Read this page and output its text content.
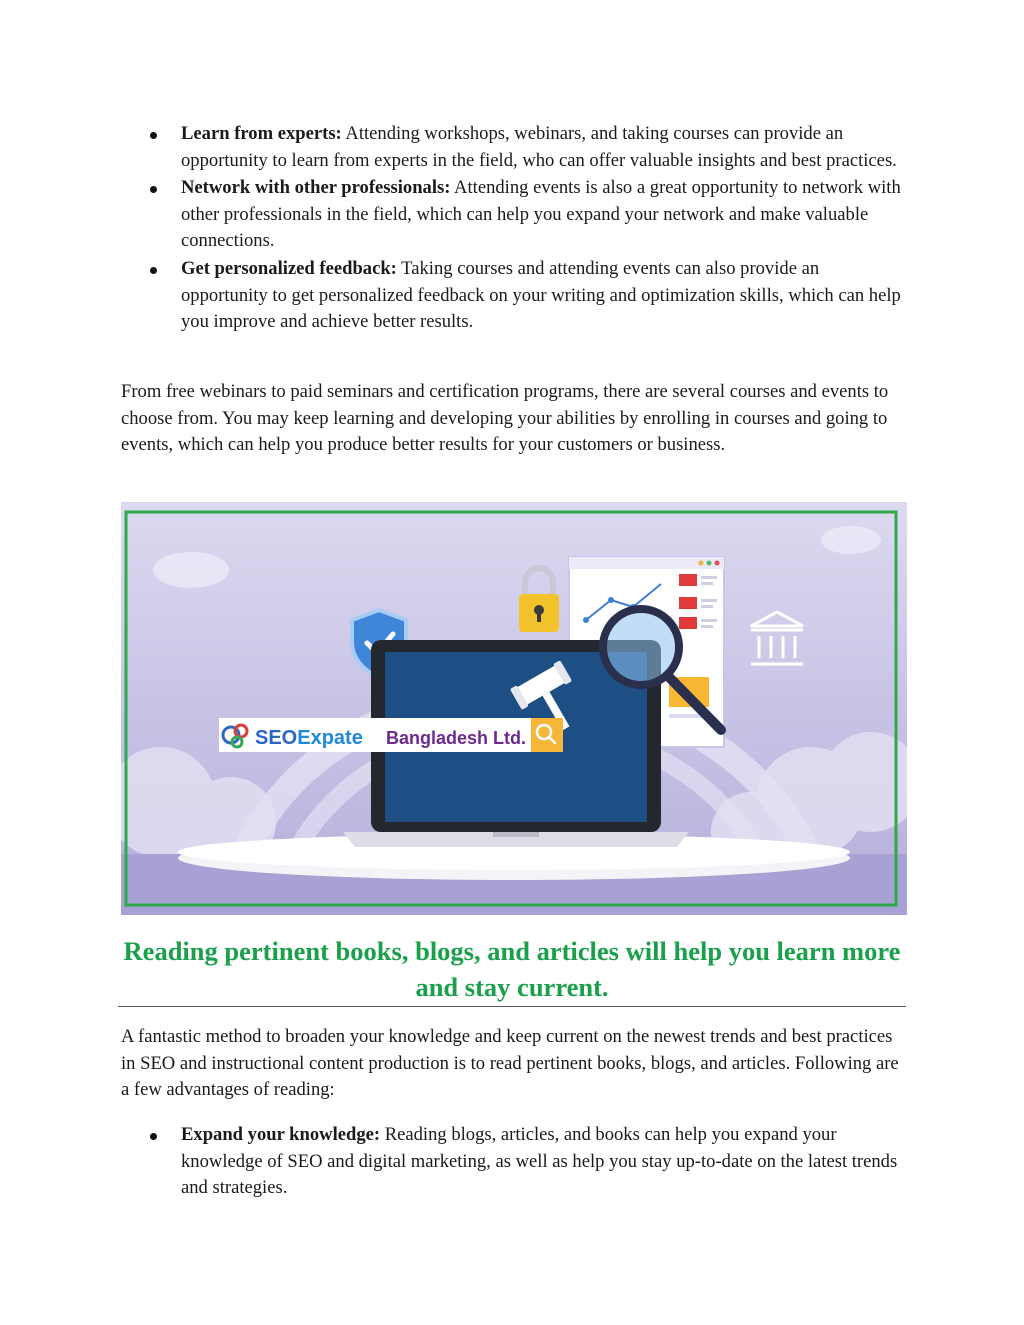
Learn from experts: Attending workshops, webinars, and taking courses can provide an opportunity to learn from experts in the field, who can offer valuable insights and best practices.
Network with other professionals: Attending events is also a great opportunity to network with other professionals in the field, which can help you expand your network and make valuable connections.
Get personalized feedback: Taking courses and attending events can also provide an opportunity to get personalized feedback on your writing and optimization skills, which can help you improve and achieve better results.

From free webinars to paid seminars and certification programs, there are several courses and events to choose from. You may keep learning and developing your abilities by enrolling in courses and going to events, which can help you produce better results for your customers or business.

SEOExpate Bangladesh Ltd.
Reading pertinent books, blogs, and articles will help you learn more and stay current.

A fantastic method to broaden your knowledge and keep current on the newest trends and best practices in SEO and instructional content production is to read pertinent books, blogs, and articles. Following are a few advantages of reading:

Expand your knowledge: Reading blogs, articles, and books can help you expand your knowledge of SEO and digital marketing, as well as help you stay up-to-date on the latest trends and strategies.
